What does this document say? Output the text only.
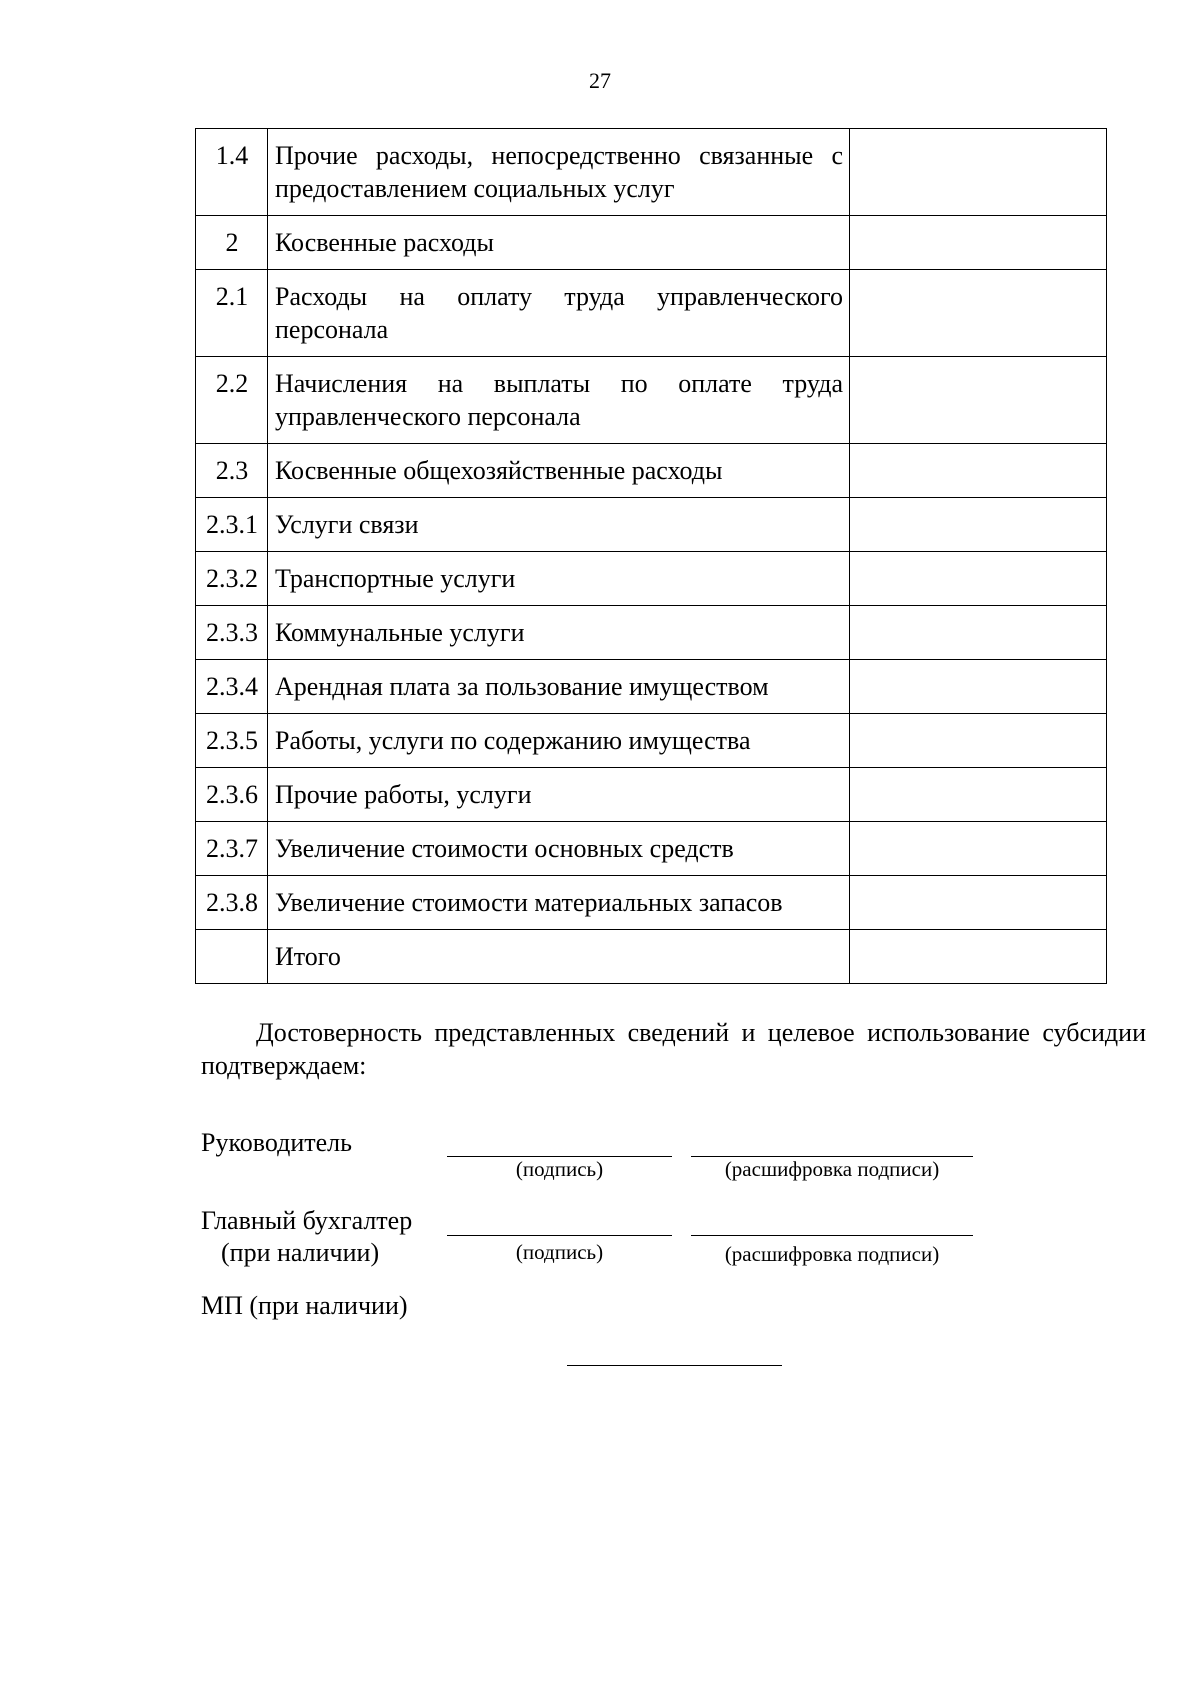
27
1.4	Прочие расходы, непосредственно связанные с предоставлением социальных услуг	
2	Косвенные расходы	
2.1	Расходы на оплату труда управленческого персонала	
2.2	Начисления на выплаты по оплате труда управленческого персонала	
2.3	Косвенные общехозяйственные расходы	
2.3.1	Услуги связи	
2.3.2	Транспортные услуги	
2.3.3	Коммунальные услуги	
2.3.4	Арендная плата за пользование имуществом	
2.3.5	Работы, услуги по содержанию имущества	
2.3.6	Прочие работы, услуги	
2.3.7	Увеличение стоимости основных средств	
2.3.8	Увеличение стоимости материальных запасов	
	Итого	

Достоверность представленных сведений и целевое использование субсидии подтверждаем:

Руководитель
(подпись)	(расшифровка подписи)
Главный бухгалтер
(при наличии)	(подпись)	(расшифровка подписи)
МП (при наличии)
